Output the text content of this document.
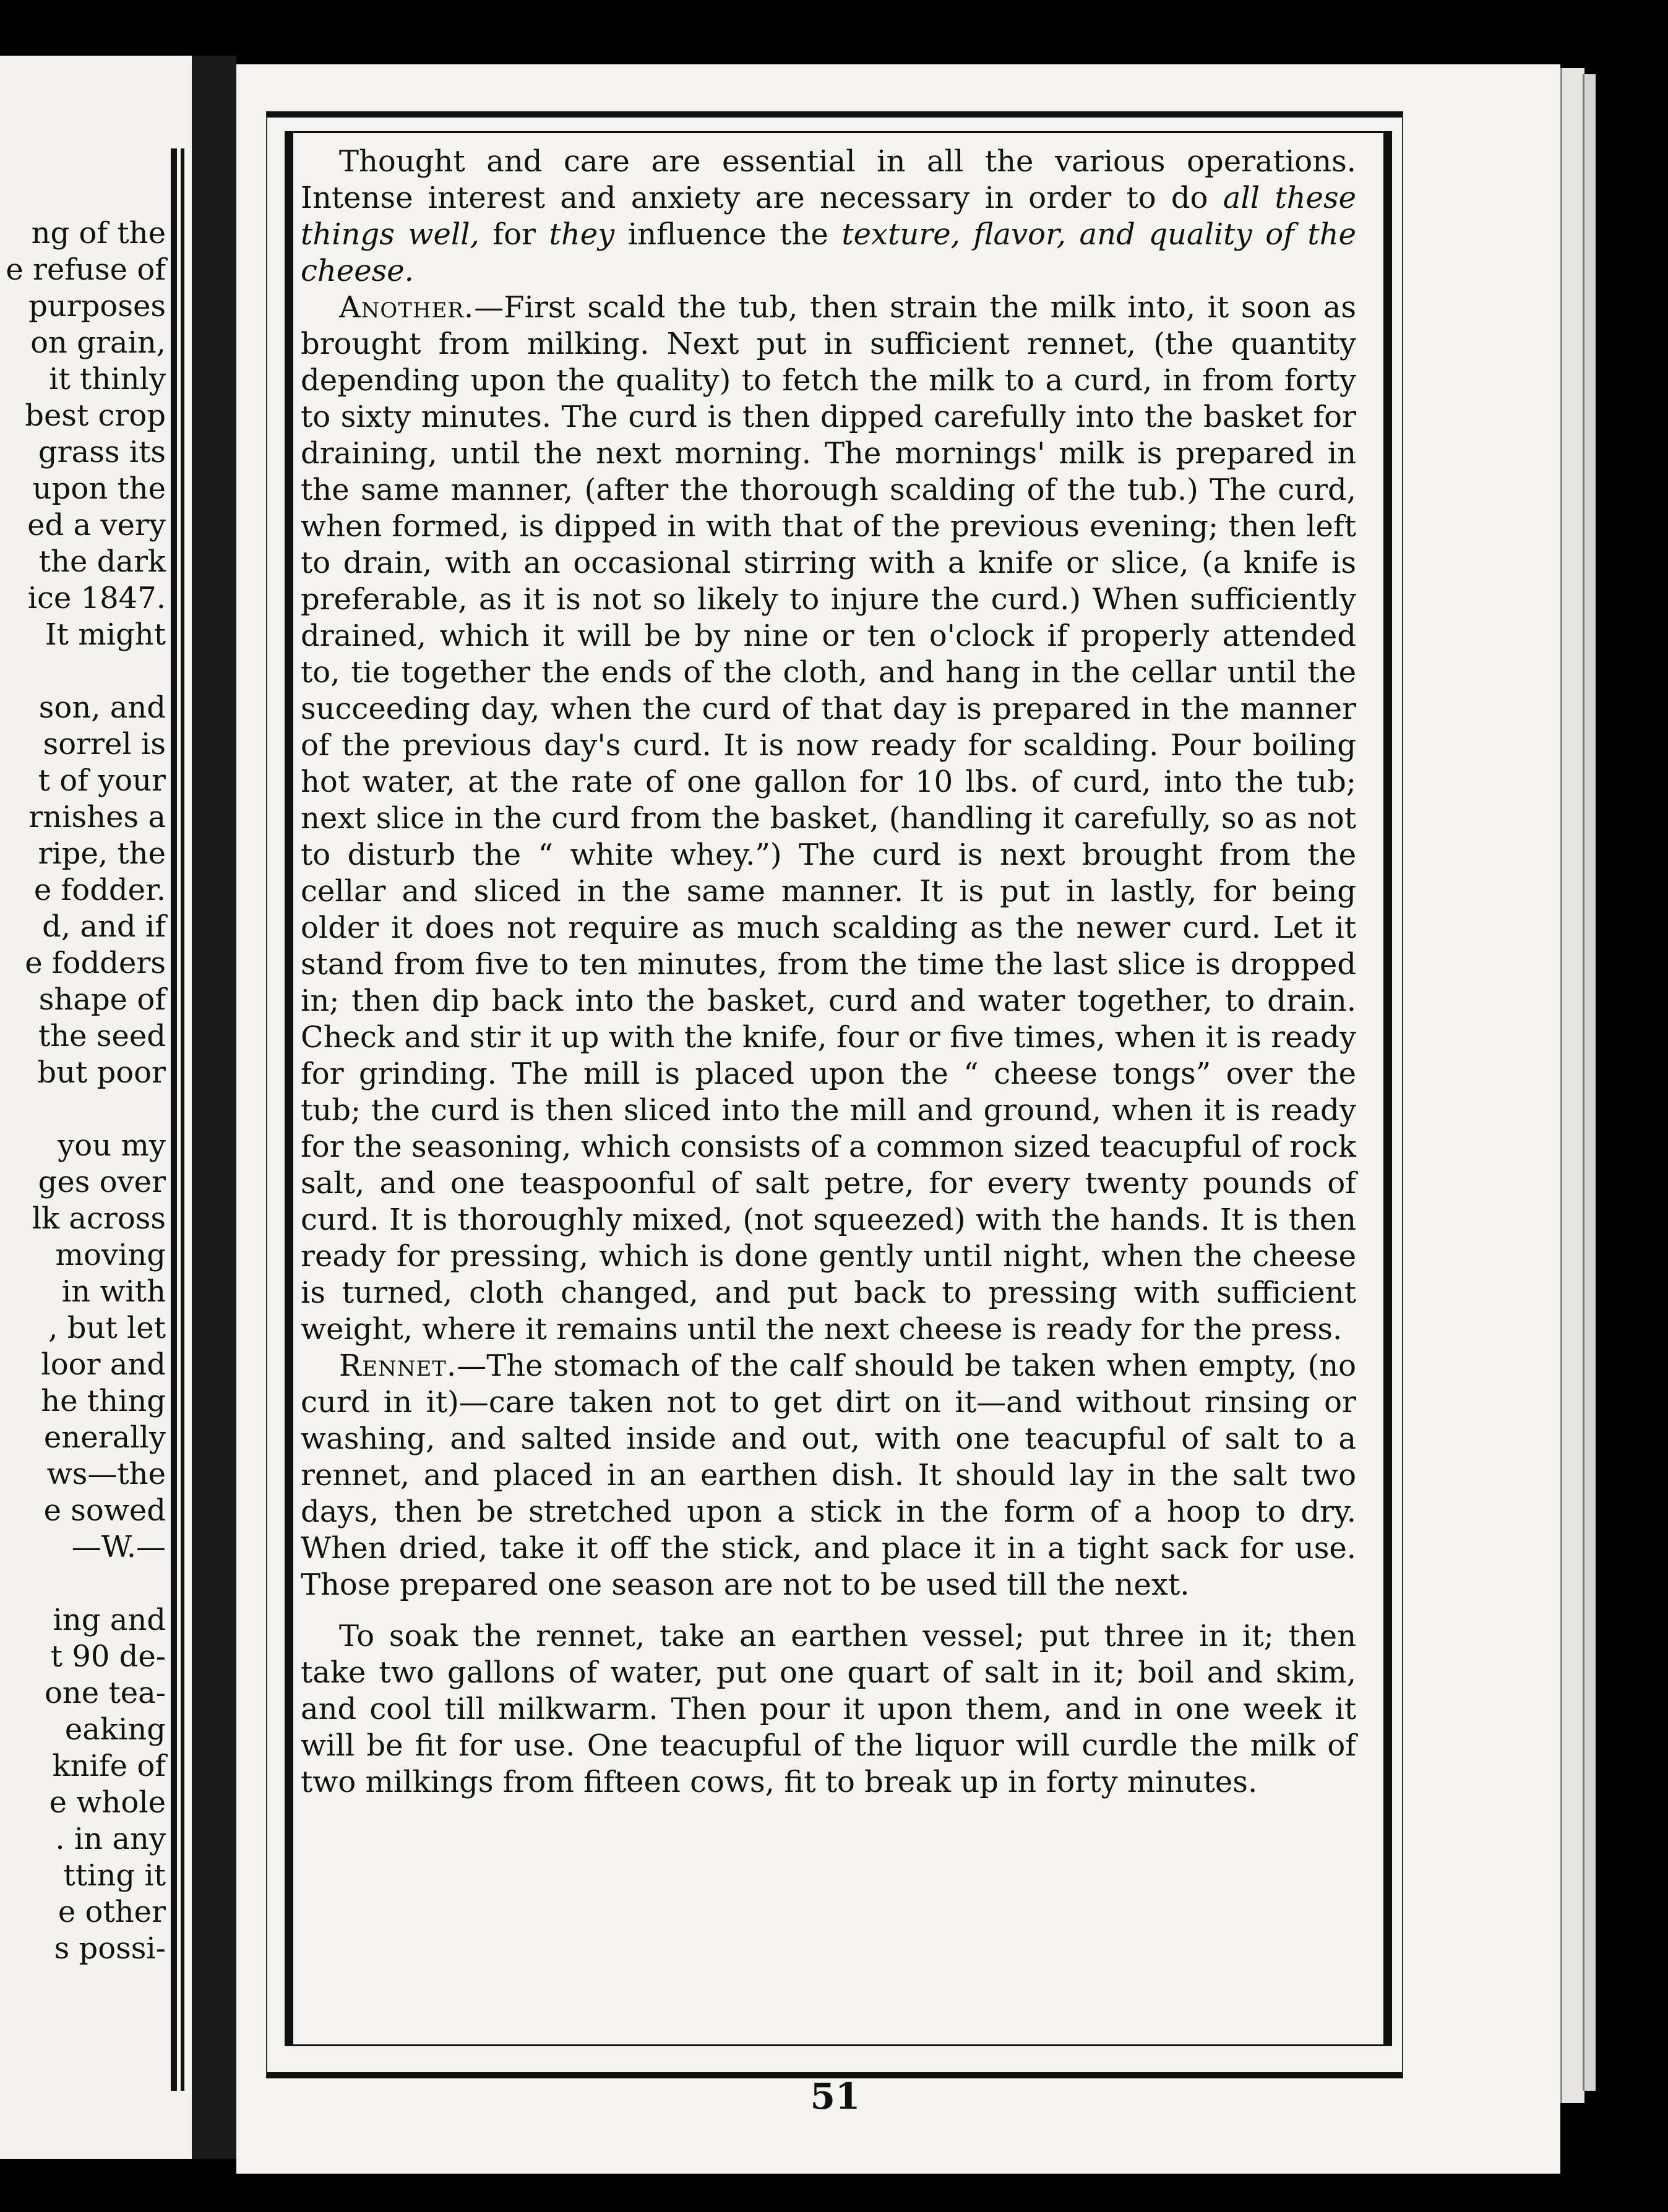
ng of the
e refuse of
purposes
on grain,
it thinly
best crop
grass its
upon the
ed a very
the dark
ice 1847.
It might
son, and
sorrel is
t of your
rnishes a
ripe, the
e fodder.
d, and if
e fodders
shape of
the seed
but poor
you my
ges over
lk across
moving
in with
, but let
loor and
he thing
enerally
ws—the
e sowed
—W.—
ing and
t 90 de-
one tea-
eaking
knife of
e whole
. in any
tting it
e other
s possi-

Thought and care are essential in all the various operations. Intense interest and anxiety are necessary in order to do all these things well, for they influence the texture, flavor, and quality of the cheese.

Another.—First scald the tub, then strain the milk into, it soon as brought from milking. Next put in sufficient rennet, (the quantity depending upon the quality) to fetch the milk to a curd, in from forty to sixty minutes. The curd is then dipped carefully into the basket for draining, until the next morning. The mornings' milk is prepared in the same manner, (after the thorough scalding of the tub.) The curd, when formed, is dipped in with that of the previous evening; then left to drain, with an occasional stirring with a knife or slice, (a knife is preferable, as it is not so likely to injure the curd.) When sufficiently drained, which it will be by nine or ten o'clock if properly attended to, tie together the ends of the cloth, and hang in the cellar until the succeeding day, when the curd of that day is prepared in the manner of the previous day's curd. It is now ready for scalding. Pour boiling hot water, at the rate of one gallon for 10 lbs. of curd, into the tub; next slice in the curd from the basket, (handling it carefully, so as not to disturb the “ white whey.”) The curd is next brought from the cellar and sliced in the same manner. It is put in lastly, for being older it does not require as much scalding as the newer curd. Let it stand from five to ten minutes, from the time the last slice is dropped in; then dip back into the basket, curd and water together, to drain. Check and stir it up with the knife, four or five times, when it is ready for grinding. The mill is placed upon the “ cheese tongs” over the tub; the curd is then sliced into the mill and ground, when it is ready for the seasoning, which consists of a common sized teacupful of rock salt, and one teaspoonful of salt petre, for every twenty pounds of curd. It is thoroughly mixed, (not squeezed) with the hands. It is then ready for pressing, which is done gently until night, when the cheese is turned, cloth changed, and put back to pressing with sufficient weight, where it remains until the next cheese is ready for the press.

Rennet.—The stomach of the calf should be taken when empty, (no curd in it)—care taken not to get dirt on it—and without rinsing or washing, and salted inside and out, with one teacupful of salt to a rennet, and placed in an earthen dish. It should lay in the salt two days, then be stretched upon a stick in the form of a hoop to dry. When dried, take it off the stick, and place it in a tight sack for use. Those prepared one season are not to be used till the next.

To soak the rennet, take an earthen vessel; put three in it; then take two gallons of water, put one quart of salt in it; boil and skim, and cool till milkwarm. Then pour it upon them, and in one week it will be fit for use. One teacupful of the liquor will curdle the milk of two milkings from fifteen cows, fit to break up in forty minutes.

51
